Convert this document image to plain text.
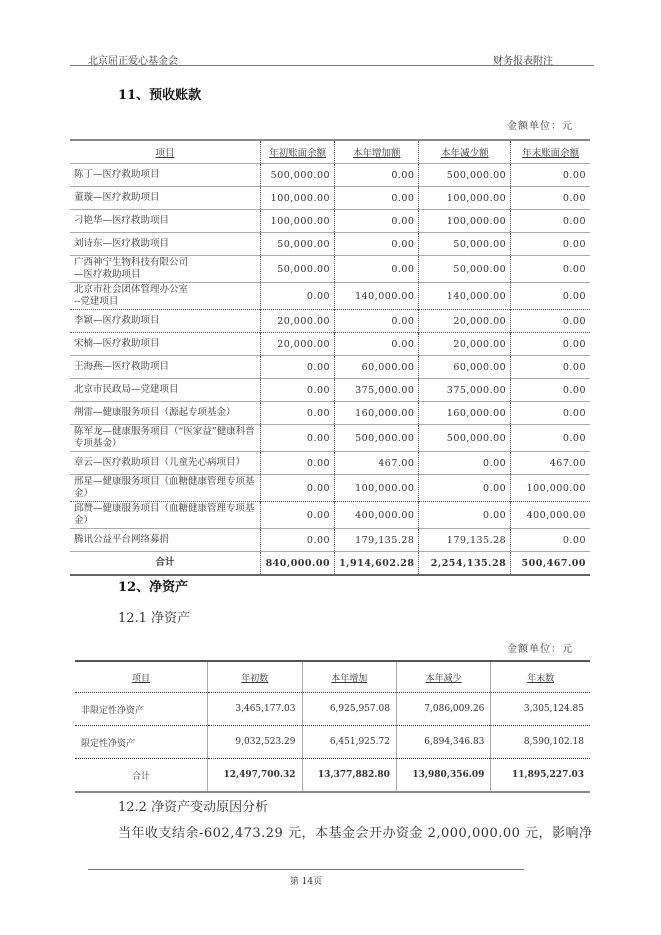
北京屈正爱心基金会	财务报表附注
11、预收账款
金额单位：元
项目	年初账面余额	本年增加额	本年减少额	年末账面余额
陈丁—医疗救助项目	500,000.00	0.00	500,000.00	0.00
董璇—医疗救助项目	100,000.00	0.00	100,000.00	0.00
刁艳华—医疗救助项目	100,000.00	0.00	100,000.00	0.00
刘诗东—医疗救助项目	50,000.00	0.00	50,000.00	0.00
广西神宁生物科技有限公司
—医疗救助项目	50,000.00	0.00	50,000.00	0.00
北京市社会团体管理办公室
--党建项目	0.00	140,000.00	140,000.00	0.00
李颖—医疗救助项目	20,000.00	0.00	20,000.00	0.00
宋楠—医疗救助项目	20,000.00	0.00	20,000.00	0.00
王海燕—医疗救助项目	0.00	60,000.00	60,000.00	0.00
北京市民政局—党建项目	0.00	375,000.00	375,000.00	0.00
荆雷—健康服务项目（源起专项基金）	0.00	160,000.00	160,000.00	0.00
陈军龙—健康服务项目（“医家益”健康科普专项基金）	0.00	500,000.00	500,000.00	0.00
章云—医疗救助项目（儿童先心病项目）	0.00	467.00	0.00	467.00
邢星—健康服务项目（血糖健康管理专项基金）	0.00	100,000.00	0.00	100,000.00
邱赞—健康服务项目（血糖健康管理专项基金）	0.00	400,000.00	0.00	400,000.00
腾讯公益平台网络募捐	0.00	179,135.28	179,135.28	0.00
合计	840,000.00	1,914,602.28	2,254,135.28	500,467.00
12、净资产
12.1 净资产
金额单位：元
项目	年初数	本年增加	本年减少	年末数
非限定性净资产	3,465,177.03	6,925,957.08	7,086,009.26	3,305,124.85
限定性净资产	9,032,523.29	6,451,925.72	6,894,346.83	8,590,102.18
合计	12,497,700.32	13,377,882.80	13,980,356.09	11,895,227.03
12.2 净资产变动原因分析
当年收支结余-602,473.29 元，本基金会开办资金 2,000,000.00 元，影响净
第 14页
